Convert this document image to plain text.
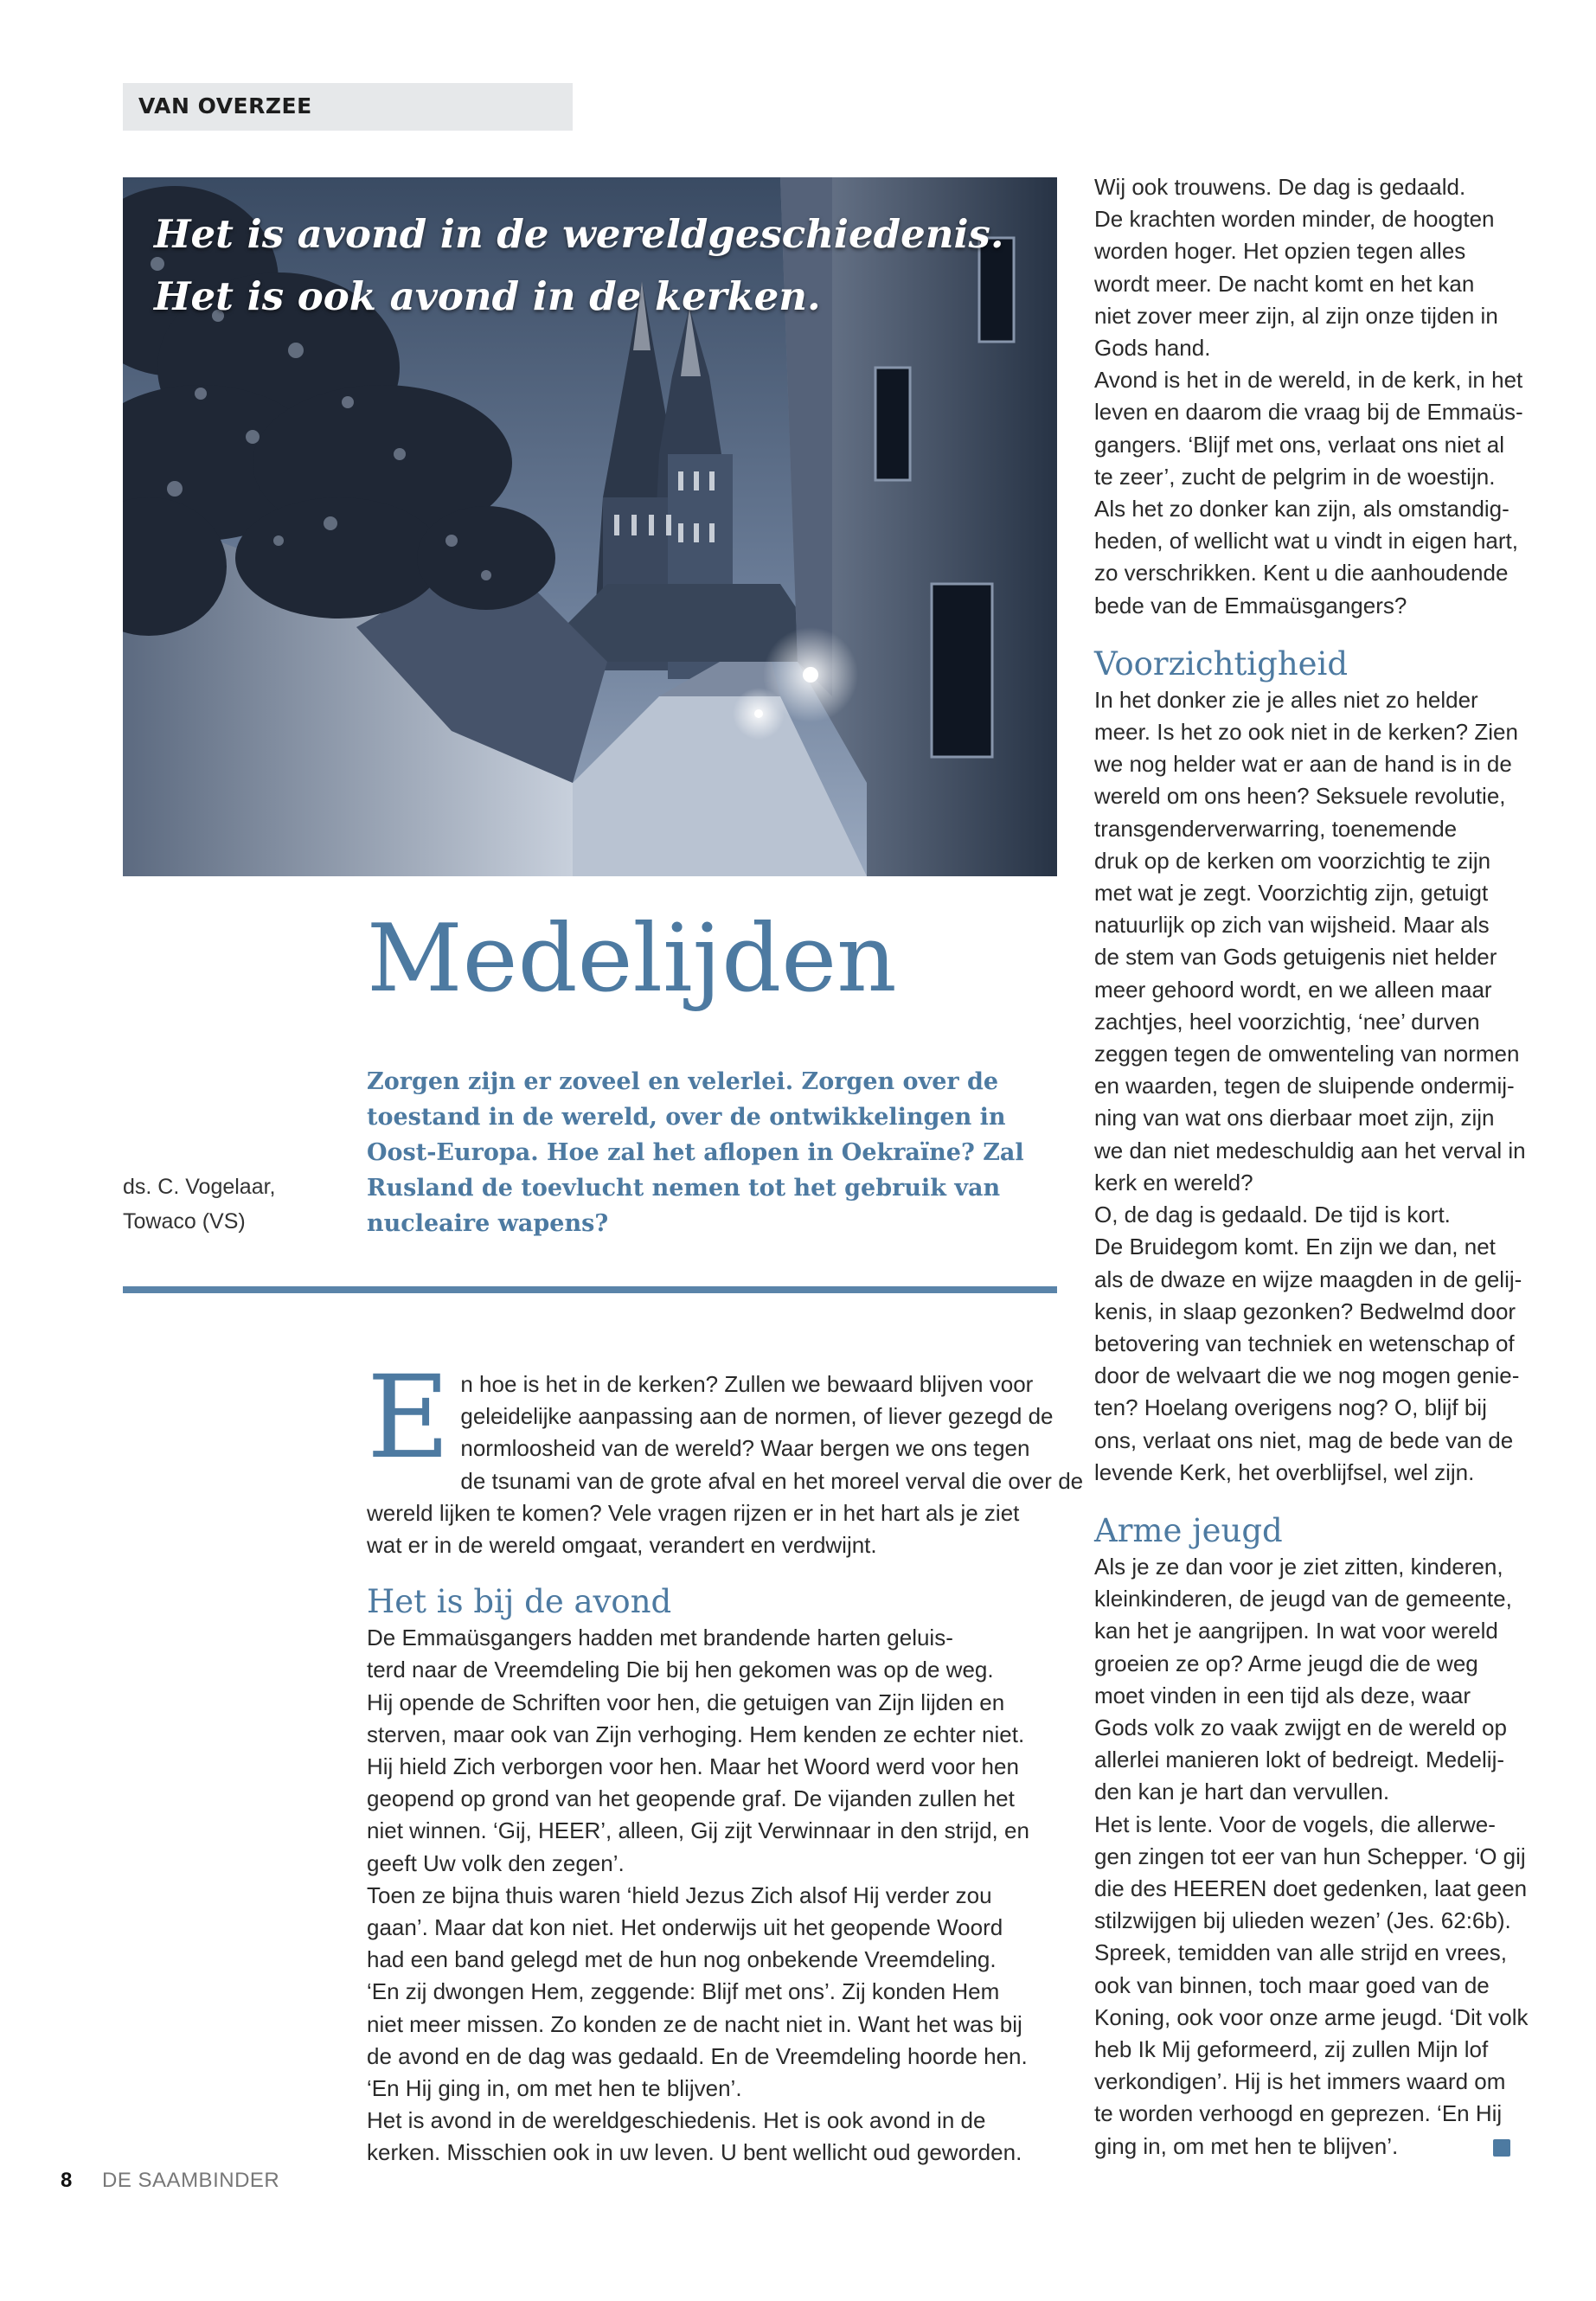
VAN OVERZEE
Het is avond in de wereldgeschiedenis.
Het is ook avond in de kerken.
Medelijden

Zorgen zijn er zoveel en velerlei. Zorgen over de toestand in de wereld, over de ontwikkelingen in Oost-Europa. Hoe zal het aflopen in Oekraïne? Zal Rusland de toevlucht nemen tot het gebruik van nucleaire wapens?

ds. C. Vogelaar,
Towaco (VS)

E n hoe is het in de kerken? Zullen we bewaard blijven voor
geleidelijke aanpassing aan de normen, of liever gezegd de
normloosheid van de wereld? Waar bergen we ons tegen
de tsunami van de grote afval en het moreel verval die over de
wereld lijken te komen? Vele vragen rijzen er in het hart als je ziet
wat er in de wereld omgaat, verandert en verdwijnt.

Het is bij de avond

De Emmaüsgangers hadden met brandende harten geluis-
terd naar de Vreemdeling Die bij hen gekomen was op de weg.
Hij opende de Schriften voor hen, die getuigen van Zijn lijden en
sterven, maar ook van Zijn verhoging. Hem kenden ze echter niet.
Hij hield Zich verborgen voor hen. Maar het Woord werd voor hen
geopend op grond van het geopende graf. De vijanden zullen het
niet winnen. ‘Gij, HEER’, alleen, Gij zijt Verwinnaar in den strijd, en
geeft Uw volk den zegen’.
Toen ze bijna thuis waren ‘hield Jezus Zich alsof Hij verder zou
gaan’. Maar dat kon niet. Het onderwijs uit het geopende Woord
had een band gelegd met de hun nog onbekende Vreemdeling.
‘En zij dwongen Hem, zeggende: Blijf met ons’. Zij konden Hem
niet meer missen. Zo konden ze de nacht niet in. Want het was bij
de avond en de dag was gedaald. En de Vreemdeling hoorde hen.
‘En Hij ging in, om met hen te blijven’.
Het is avond in de wereldgeschiedenis. Het is ook avond in de
kerken. Misschien ook in uw leven. U bent wellicht oud geworden.

Wij ook trouwens. De dag is gedaald.
De krachten worden minder, de hoogten
worden hoger. Het opzien tegen alles
wordt meer. De nacht komt en het kan
niet zover meer zijn, al zijn onze tijden in
Gods hand.
Avond is het in de wereld, in de kerk, in het
leven en daarom die vraag bij de Emmaüs-
gangers. ‘Blijf met ons, verlaat ons niet al
te zeer’, zucht de pelgrim in de woestijn.
Als het zo donker kan zijn, als omstandig-
heden, of wellicht wat u vindt in eigen hart,
zo verschrikken. Kent u die aanhoudende
bede van de Emmaüsgangers?

Voorzichtigheid

In het donker zie je alles niet zo helder
meer. Is het zo ook niet in de kerken? Zien
we nog helder wat er aan de hand is in de
wereld om ons heen? Seksuele revolutie,
transgenderverwarring, toenemende
druk op de kerken om voorzichtig te zijn
met wat je zegt. Voorzichtig zijn, getuigt
natuurlijk op zich van wijsheid. Maar als
de stem van Gods getuigenis niet helder
meer gehoord wordt, en we alleen maar
zachtjes, heel voorzichtig, ‘nee’ durven
zeggen tegen de omwenteling van normen
en waarden, tegen de sluipende ondermij-
ning van wat ons dierbaar moet zijn, zijn
we dan niet medeschuldig aan het verval in
kerk en wereld?
O, de dag is gedaald. De tijd is kort.
De Bruidegom komt. En zijn we dan, net
als de dwaze en wijze maagden in de gelij-
kenis, in slaap gezonken? Bedwelmd door
betovering van techniek en wetenschap of
door de welvaart die we nog mogen genie-
ten? Hoelang overigens nog? O, blijf bij
ons, verlaat ons niet, mag de bede van de
levende Kerk, het overblijfsel, wel zijn.

Arme jeugd

Als je ze dan voor je ziet zitten, kinderen,
kleinkinderen, de jeugd van de gemeente,
kan het je aangrijpen. In wat voor wereld
groeien ze op? Arme jeugd die de weg
moet vinden in een tijd als deze, waar
Gods volk zo vaak zwijgt en de wereld op
allerlei manieren lokt of bedreigt. Medelij-
den kan je hart dan vervullen.
Het is lente. Voor de vogels, die allerwe-
gen zingen tot eer van hun Schepper. ‘O gij
die des HEEREN doet gedenken, laat geen
stilzwijgen bij ulieden wezen’ (Jes. 62:6b).
Spreek, temidden van alle strijd en vrees,
ook van binnen, toch maar goed van de
Koning, ook voor onze arme jeugd. ‘Dit volk
heb Ik Mij geformeerd, zij zullen Mijn lof
verkondigen’. Hij is het immers waard om
te worden verhoogd en geprezen. ‘En Hij
ging in, om met hen te blijven’.

8 DE SAAMBINDER
